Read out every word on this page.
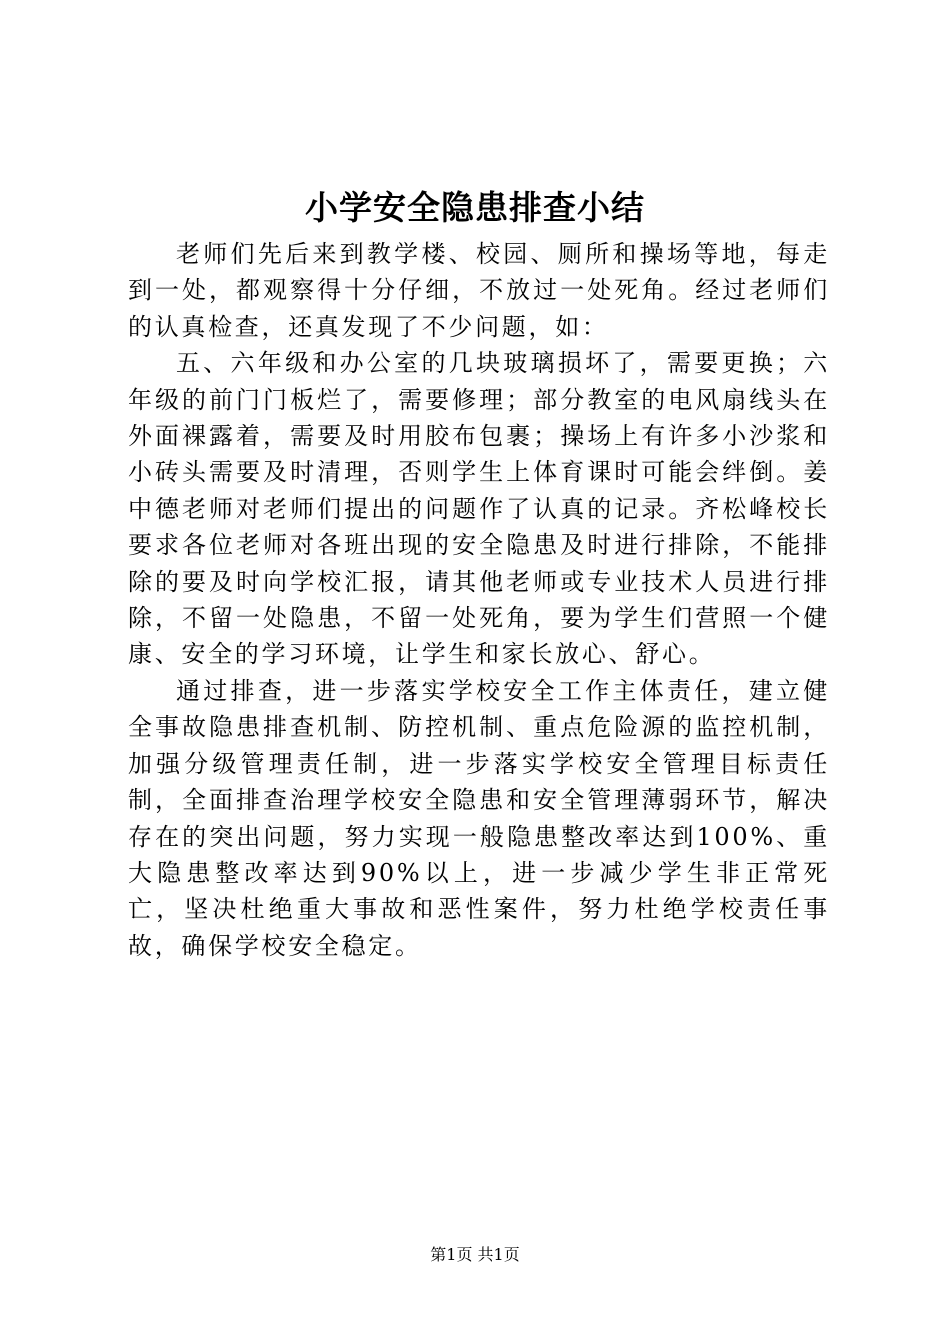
小学安全隐患排查小结

老师们先后来到教学楼、校园、厕所和操场等地，每走到一处，都观察得十分仔细，不放过一处死角。经过老师们的认真检查，还真发现了不少问题，如：

五、六年级和办公室的几块玻璃损坏了，需要更换；六年级的前门门板烂了，需要修理；部分教室的电风扇线头在外面裸露着，需要及时用胶布包裹；操场上有许多小沙浆和小砖头需要及时清理，否则学生上体育课时可能会绊倒。姜中德老师对老师们提出的问题作了认真的记录。齐松峰校长要求各位老师对各班出现的安全隐患及时进行排除，不能排除的要及时向学校汇报，请其他老师或专业技术人员进行排除，不留一处隐患，不留一处死角，要为学生们营照一个健康、安全的学习环境，让学生和家长放心、舒心。

通过排查，进一步落实学校安全工作主体责任，建立健全事故隐患排查机制、防控机制、重点危险源的监控机制，加强分级管理责任制，进一步落实学校安全管理目标责任制，全面排查治理学校安全隐患和安全管理薄弱环节，解决存在的突出问题，努力实现一般隐患整改率达到100%、重大隐患整改率达到90%以上，进一步减少学生非正常死亡，坚决杜绝重大事故和恶性案件，努力杜绝学校责任事故，确保学校安全稳定。

第1页 共1页
